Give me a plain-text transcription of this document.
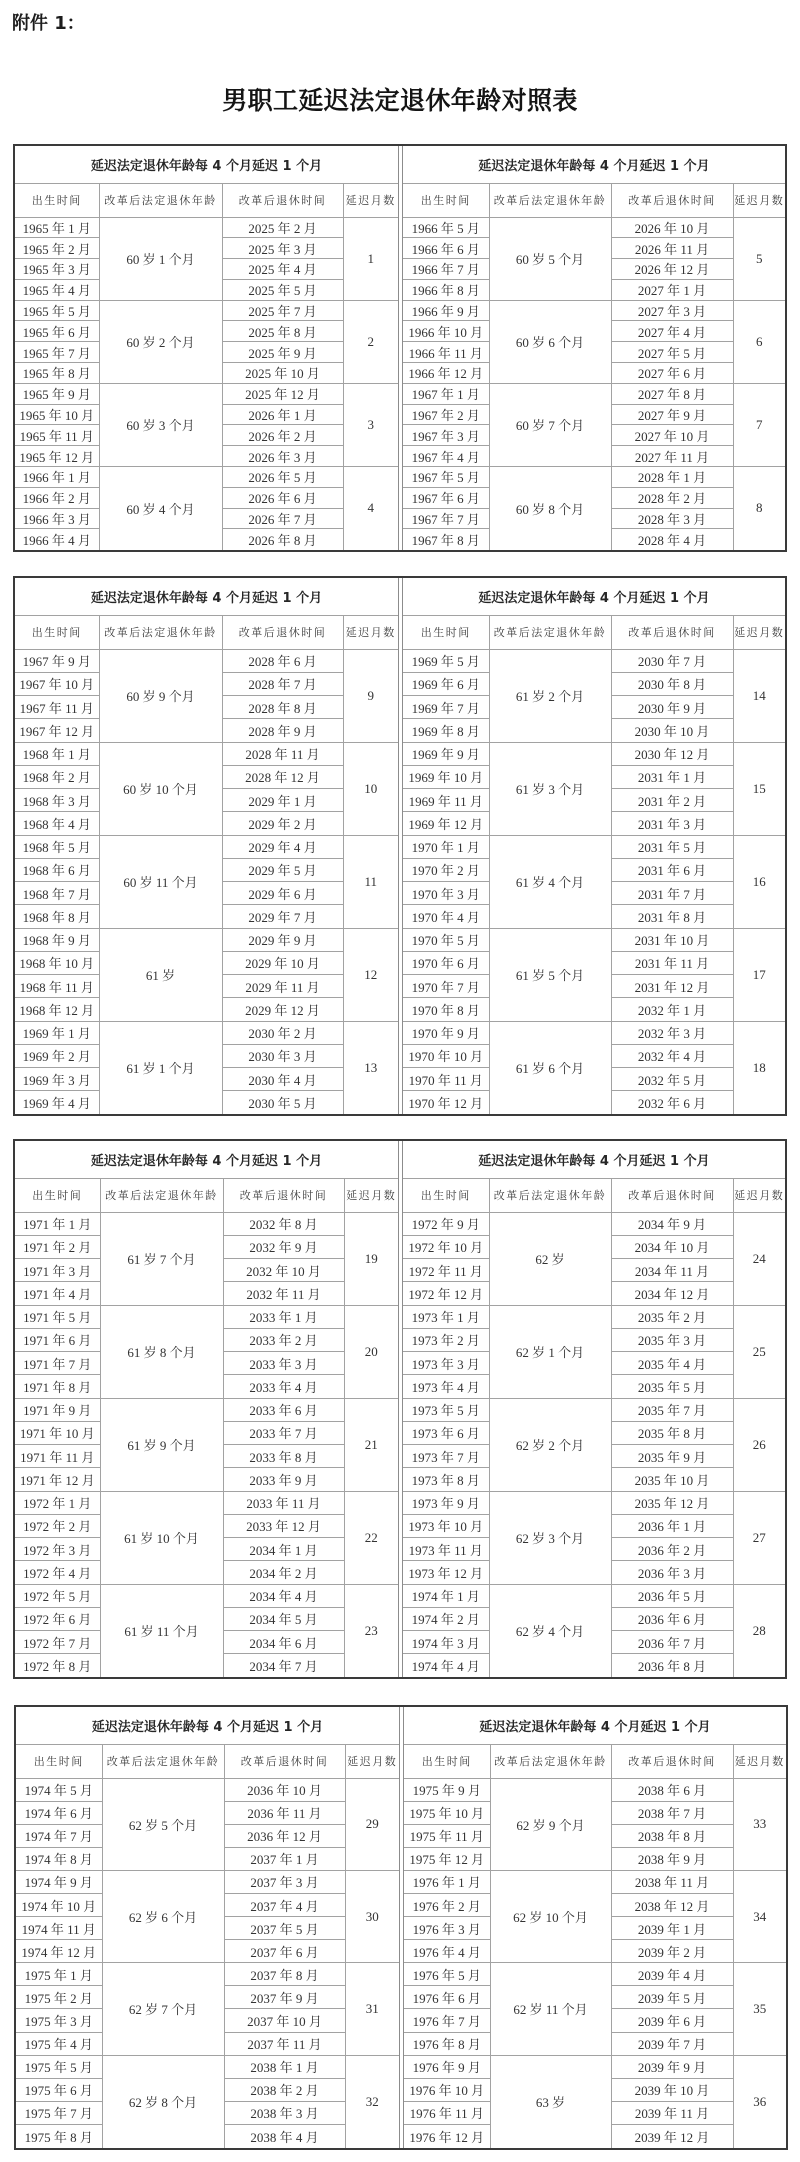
附件 1：
男职工延迟法定退休年龄对照表
延迟法定退休年龄每 4 个月延迟 1 个月			
出生时间	改革后法定退休年龄	改革后退休时间	延迟月数
1965 年 1 月	60 岁 1 个月	2025 年 2 月	1
1965 年 2 月		2025 年 3 月	
1965 年 3 月		2025 年 4 月	
1965 年 4 月		2025 年 5 月	
1965 年 5 月	60 岁 2 个月	2025 年 7 月	2
1965 年 6 月		2025 年 8 月	
1965 年 7 月		2025 年 9 月	
1965 年 8 月		2025 年 10 月	
1965 年 9 月	60 岁 3 个月	2025 年 12 月	3
1965 年 10 月		2026 年 1 月	
1965 年 11 月		2026 年 2 月	
1965 年 12 月		2026 年 3 月	
1966 年 1 月	60 岁 4 个月	2026 年 5 月	4
1966 年 2 月		2026 年 6 月	
1966 年 3 月		2026 年 7 月	
1966 年 4 月		2026 年 8 月	
延迟法定退休年龄每 4 个月延迟 1 个月			
出生时间	改革后法定退休年龄	改革后退休时间	延迟月数
1966 年 5 月	60 岁 5 个月	2026 年 10 月	5
1966 年 6 月		2026 年 11 月	
1966 年 7 月		2026 年 12 月	
1966 年 8 月		2027 年 1 月	
1966 年 9 月	60 岁 6 个月	2027 年 3 月	6
1966 年 10 月		2027 年 4 月	
1966 年 11 月		2027 年 5 月	
1966 年 12 月		2027 年 6 月	
1967 年 1 月	60 岁 7 个月	2027 年 8 月	7
1967 年 2 月		2027 年 9 月	
1967 年 3 月		2027 年 10 月	
1967 年 4 月		2027 年 11 月	
1967 年 5 月	60 岁 8 个月	2028 年 1 月	8
1967 年 6 月		2028 年 2 月	
1967 年 7 月		2028 年 3 月	
1967 年 8 月		2028 年 4 月	
延迟法定退休年龄每 4 个月延迟 1 个月			
出生时间	改革后法定退休年龄	改革后退休时间	延迟月数
1967 年 9 月	60 岁 9 个月	2028 年 6 月	9
1967 年 10 月		2028 年 7 月	
1967 年 11 月		2028 年 8 月	
1967 年 12 月		2028 年 9 月	
1968 年 1 月	60 岁 10 个月	2028 年 11 月	10
1968 年 2 月		2028 年 12 月	
1968 年 3 月		2029 年 1 月	
1968 年 4 月		2029 年 2 月	
1968 年 5 月	60 岁 11 个月	2029 年 4 月	11
1968 年 6 月		2029 年 5 月	
1968 年 7 月		2029 年 6 月	
1968 年 8 月		2029 年 7 月	
1968 年 9 月	61 岁	2029 年 9 月	12
1968 年 10 月		2029 年 10 月	
1968 年 11 月		2029 年 11 月	
1968 年 12 月		2029 年 12 月	
1969 年 1 月	61 岁 1 个月	2030 年 2 月	13
1969 年 2 月		2030 年 3 月	
1969 年 3 月		2030 年 4 月	
1969 年 4 月		2030 年 5 月	
延迟法定退休年龄每 4 个月延迟 1 个月			
出生时间	改革后法定退休年龄	改革后退休时间	延迟月数
1969 年 5 月	61 岁 2 个月	2030 年 7 月	14
1969 年 6 月		2030 年 8 月	
1969 年 7 月		2030 年 9 月	
1969 年 8 月		2030 年 10 月	
1969 年 9 月	61 岁 3 个月	2030 年 12 月	15
1969 年 10 月		2031 年 1 月	
1969 年 11 月		2031 年 2 月	
1969 年 12 月		2031 年 3 月	
1970 年 1 月	61 岁 4 个月	2031 年 5 月	16
1970 年 2 月		2031 年 6 月	
1970 年 3 月		2031 年 7 月	
1970 年 4 月		2031 年 8 月	
1970 年 5 月	61 岁 5 个月	2031 年 10 月	17
1970 年 6 月		2031 年 11 月	
1970 年 7 月		2031 年 12 月	
1970 年 8 月		2032 年 1 月	
1970 年 9 月	61 岁 6 个月	2032 年 3 月	18
1970 年 10 月		2032 年 4 月	
1970 年 11 月		2032 年 5 月	
1970 年 12 月		2032 年 6 月	
延迟法定退休年龄每 4 个月延迟 1 个月			
出生时间	改革后法定退休年龄	改革后退休时间	延迟月数
1971 年 1 月	61 岁 7 个月	2032 年 8 月	19
1971 年 2 月		2032 年 9 月	
1971 年 3 月		2032 年 10 月	
1971 年 4 月		2032 年 11 月	
1971 年 5 月	61 岁 8 个月	2033 年 1 月	20
1971 年 6 月		2033 年 2 月	
1971 年 7 月		2033 年 3 月	
1971 年 8 月		2033 年 4 月	
1971 年 9 月	61 岁 9 个月	2033 年 6 月	21
1971 年 10 月		2033 年 7 月	
1971 年 11 月		2033 年 8 月	
1971 年 12 月		2033 年 9 月	
1972 年 1 月	61 岁 10 个月	2033 年 11 月	22
1972 年 2 月		2033 年 12 月	
1972 年 3 月		2034 年 1 月	
1972 年 4 月		2034 年 2 月	
1972 年 5 月	61 岁 11 个月	2034 年 4 月	23
1972 年 6 月		2034 年 5 月	
1972 年 7 月		2034 年 6 月	
1972 年 8 月		2034 年 7 月	
延迟法定退休年龄每 4 个月延迟 1 个月			
出生时间	改革后法定退休年龄	改革后退休时间	延迟月数
1972 年 9 月	62 岁	2034 年 9 月	24
1972 年 10 月		2034 年 10 月	
1972 年 11 月		2034 年 11 月	
1972 年 12 月		2034 年 12 月	
1973 年 1 月	62 岁 1 个月	2035 年 2 月	25
1973 年 2 月		2035 年 3 月	
1973 年 3 月		2035 年 4 月	
1973 年 4 月		2035 年 5 月	
1973 年 5 月	62 岁 2 个月	2035 年 7 月	26
1973 年 6 月		2035 年 8 月	
1973 年 7 月		2035 年 9 月	
1973 年 8 月		2035 年 10 月	
1973 年 9 月	62 岁 3 个月	2035 年 12 月	27
1973 年 10 月		2036 年 1 月	
1973 年 11 月		2036 年 2 月	
1973 年 12 月		2036 年 3 月	
1974 年 1 月	62 岁 4 个月	2036 年 5 月	28
1974 年 2 月		2036 年 6 月	
1974 年 3 月		2036 年 7 月	
1974 年 4 月		2036 年 8 月	
延迟法定退休年龄每 4 个月延迟 1 个月			
出生时间	改革后法定退休年龄	改革后退休时间	延迟月数
1974 年 5 月	62 岁 5 个月	2036 年 10 月	29
1974 年 6 月		2036 年 11 月	
1974 年 7 月		2036 年 12 月	
1974 年 8 月		2037 年 1 月	
1974 年 9 月	62 岁 6 个月	2037 年 3 月	30
1974 年 10 月		2037 年 4 月	
1974 年 11 月		2037 年 5 月	
1974 年 12 月		2037 年 6 月	
1975 年 1 月	62 岁 7 个月	2037 年 8 月	31
1975 年 2 月		2037 年 9 月	
1975 年 3 月		2037 年 10 月	
1975 年 4 月		2037 年 11 月	
1975 年 5 月	62 岁 8 个月	2038 年 1 月	32
1975 年 6 月		2038 年 2 月	
1975 年 7 月		2038 年 3 月	
1975 年 8 月		2038 年 4 月	
延迟法定退休年龄每 4 个月延迟 1 个月			
出生时间	改革后法定退休年龄	改革后退休时间	延迟月数
1975 年 9 月	62 岁 9 个月	2038 年 6 月	33
1975 年 10 月		2038 年 7 月	
1975 年 11 月		2038 年 8 月	
1975 年 12 月		2038 年 9 月	
1976 年 1 月	62 岁 10 个月	2038 年 11 月	34
1976 年 2 月		2038 年 12 月	
1976 年 3 月		2039 年 1 月	
1976 年 4 月		2039 年 2 月	
1976 年 5 月	62 岁 11 个月	2039 年 4 月	35
1976 年 6 月		2039 年 5 月	
1976 年 7 月		2039 年 6 月	
1976 年 8 月		2039 年 7 月	
1976 年 9 月	63 岁	2039 年 9 月	36
1976 年 10 月		2039 年 10 月	
1976 年 11 月		2039 年 11 月	
1976 年 12 月		2039 年 12 月	
